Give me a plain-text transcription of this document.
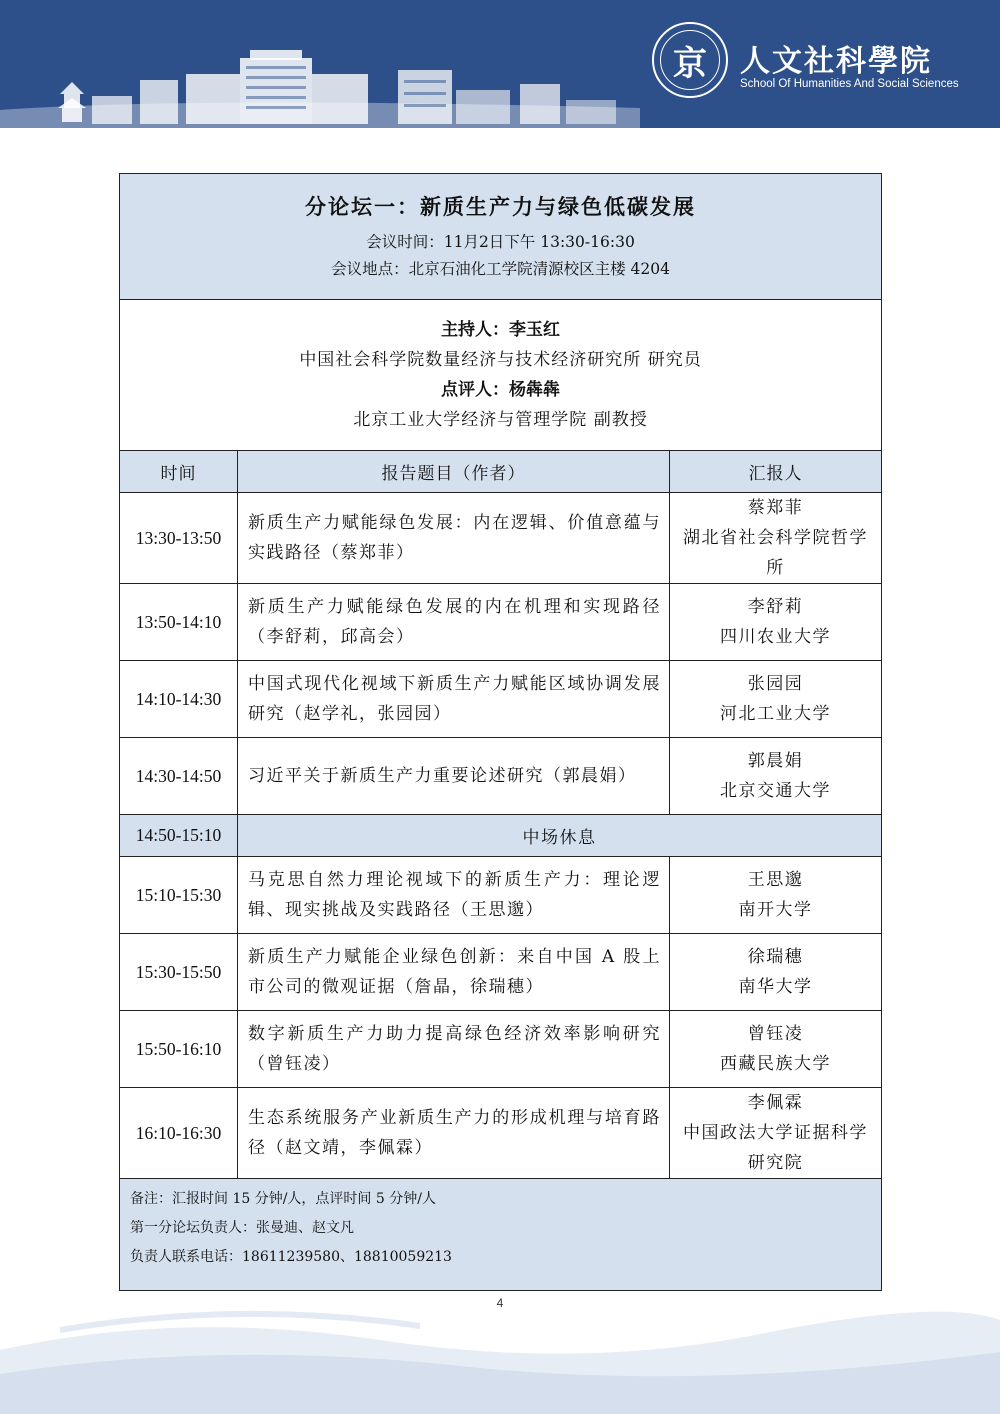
京	人文社科學院
School Of Humanities And Social Sciences
分论坛一：新质生产力与绿色低碳发展
会议时间：11月2日下午 13:30-16:30
会议地点：北京石油化工学院清源校区主楼 4204		

主持人：李玉红
中国社会科学院数量经济与技术经济研究所 研究员
点评人：杨犇犇
北京工业大学经济与管理学院 副教授		

时间	报告题目（作者）	汇报人
13:30-13:50	新质生产力赋能绿色发展：内在逻辑、价值意蕴与实践路径（蔡郑菲）	蔡郑菲
湖北省社会科学院哲学所

13:50-14:10	新质生产力赋能绿色发展的内在机理和实现路径 （李舒莉，邱高会）	李舒莉
四川农业大学

14:10-14:30	中国式现代化视域下新质生产力赋能区域协调发展研究（赵学礼，张园园）	张园园
河北工业大学

14:30-14:50	习近平关于新质生产力重要论述研究（郭晨娟）	郭晨娟
北京交通大学

14:50-15:10	中场休息	
15:10-15:30	马克思自然力理论视域下的新质生产力：理论逻辑、现实挑战及实践路径（王思邈）	王思邈
南开大学

15:30-15:50	新质生产力赋能企业绿色创新：来自中国 A 股上市公司的微观证据（詹晶，徐瑞穗）	徐瑞穗
南华大学

15:50-16:10	数字新质生产力助力提高绿色经济效率影响研究（曾钰凌）	曾钰凌
西藏民族大学

16:10-16:30	生态系统服务产业新质生产力的形成机理与培育路径（赵文靖，李佩霖）	李佩霖
中国政法大学证据科学研究院

备注：汇报时间 15 分钟/人，点评时间 5 分钟/人
第一分论坛负责人：张曼迪、赵文凡
负责人联系电话：18611239580、18810059213		
4
